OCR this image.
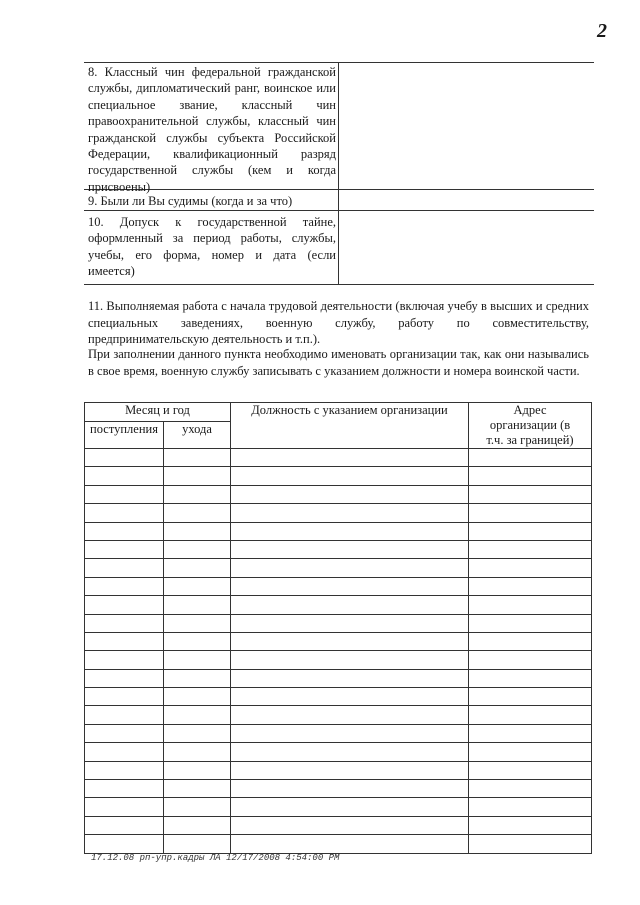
2
8. Классный чин федеральной гражданской службы, дипломатический ранг, воинское или специальное звание, классный чин правоохранительной службы, классный чин гражданской службы субъекта Российской Федерации, квалификационный разряд государственной службы (кем и когда присвоены)
9. Были ли Вы судимы (когда и за что)
10. Допуск к государственной тайне, оформленный за период работы, службы, учебы, его форма, номер и дата (если имеется)
11. Выполняемая работа с начала трудовой деятельности (включая учебу в высших и средних специальных заведениях, военную службу, работу по совместительству, предпринимательскую деятельность и т.п.).
При заполнении данного пункта необходимо именовать организации так, как они назывались в свое время, военную службу записывать с указанием должности и номера воинской части.
Месяц и год		Должность с указанием организации	Адрес организации (в т.ч. за границей)
поступления	ухода		

17.12.08 рп-упр.кадры ЛА 12/17/2008 4:54:00 PM
